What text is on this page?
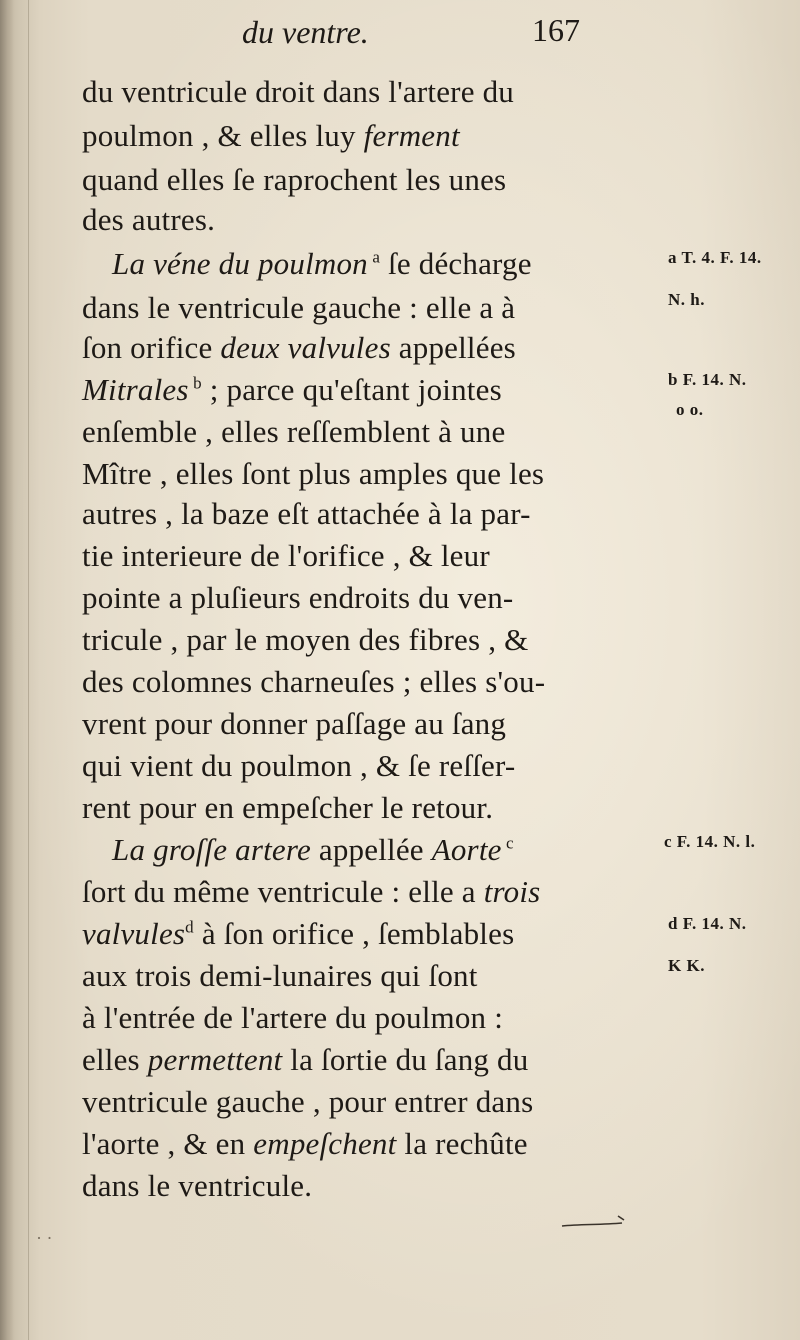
du ventre.	167
du ventricule droit dans l'artere du
poulmon , & elles luy ferment
quand elles ſe raprochent les unes
des autres.
La véne du poulmon $^a$ ſe décharge
dans le ventricule gauche : elle a à
ſon orifice deux valvules appellées
Mitrales $^b$ ; parce qu'eſtant jointes
enſemble , elles reſſemblent à une
Mître , elles ſont plus amples que les
autres , la baze eſt attachée à la par-
tie interieure de l'orifice , & leur
pointe a pluſieurs endroits du ven-
tricule , par le moyen des fibres , &
des colomnes charneuſes ; elles s'ou-
vrent pour donner paſſage au ſang
qui vient du poulmon , & ſe reſſer-
rent pour en empeſcher le retour.
La groſſe artere appellée Aorte $^c$
ſort du même ventricule : elle a trois
valvules$^d$ à ſon orifice , ſemblables
aux trois demi-lunaires qui ſont
à l'entrée de l'artere du poulmon :
elles permettent la ſortie du ſang du
ventricule gauche , pour entrer dans
l'aorte , & en empeſchent la rechûte
dans le ventricule.
a T. 4. F. 14.
N. h.
b F. 14. N.
o o.
c F. 14. N. l.
d F. 14. N.
K K.
· ·
